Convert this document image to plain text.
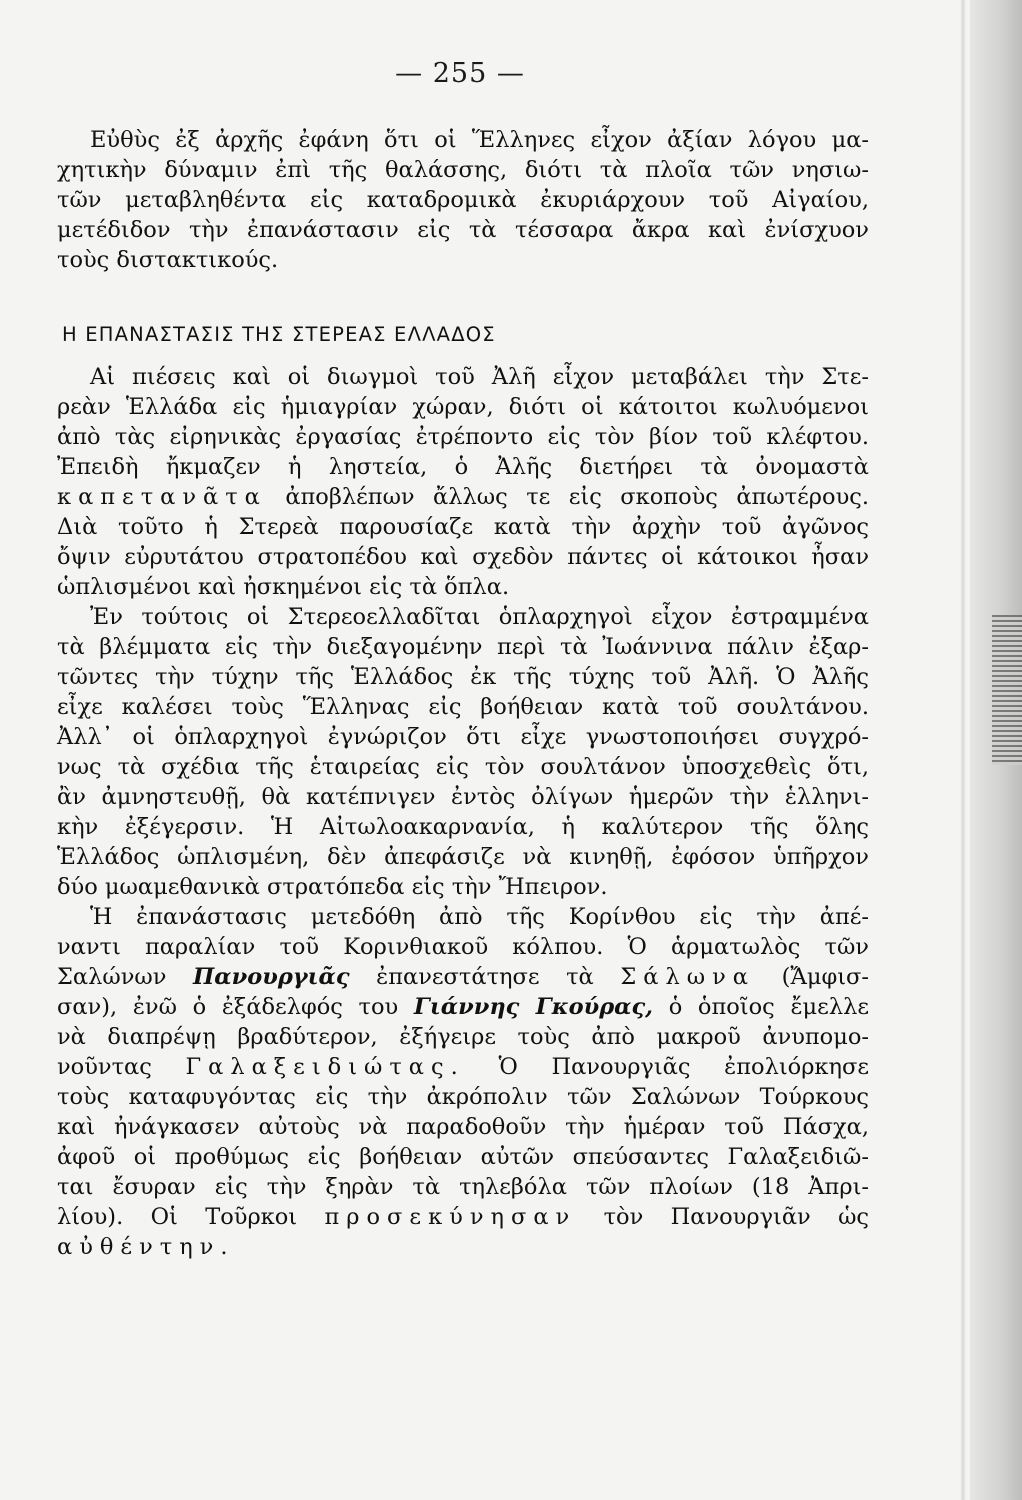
— 255 —
Εὐθὺς ἐξ ἀρχῆς ἐφάνη ὅτι οἱ Ἕλληνες εἶχον ἀξίαν λόγου μα-
χητικὴν δύναμιν ἐπὶ τῆς θαλάσσης, διότι τὰ πλοῖα τῶν νησιω-
τῶν μεταβληθέντα εἰς καταδρομικὰ ἐκυριάρχουν τοῦ Αἰγαίου,
μετέδιδον τὴν ἐπανάστασιν εἰς τὰ τέσσαρα ἄκρα καὶ ἐνίσχυον
τοὺς διστακτικούς.
Η ΕΠΑΝΑΣΤΑΣΙΣ ΤΗΣ ΣΤΕΡΕΑΣ ΕΛΛΑΔΟΣ
Αἱ πιέσεις καὶ οἱ διωγμοὶ τοῦ Ἀλῆ εἶχον μεταβάλει τὴν Στε-
ρεὰν Ἑλλάδα εἰς ἡμιαγρίαν χώραν, διότι οἱ κάτοιτοι κωλυόμενοι
ἀπὸ τὰς εἰρηνικὰς ἐργασίας ἐτρέποντο εἰς τὸν βίον τοῦ κλέφτου.
Ἐπειδὴ ἤκμαζεν ἡ ληστεία, ὁ Ἀλῆς διετήρει τὰ ὀνομαστὰ
καπετανᾶτα ἀποβλέπων ἄλλως τε εἰς σκοποὺς ἀπωτέρους.
Διὰ τοῦτο ἡ Στερεὰ παρουσίαζε κατὰ τὴν ἀρχὴν τοῦ ἀγῶνος
ὄψιν εὐρυτάτου στρατοπέδου καὶ σχεδὸν πάντες οἱ κάτοικοι ἦσαν
ὡπλισμένοι καὶ ἠσκημένοι εἰς τὰ ὅπλα.
Ἐν τούτοις οἱ Στερεοελλαδῖται ὁπλαρχηγοὶ εἶχον ἐστραμμένα
τὰ βλέμματα εἰς τὴν διεξαγομένην περὶ τὰ Ἰωάννινα πάλιν ἐξαρ-
τῶντες τὴν τύχην τῆς Ἑλλάδος ἐκ τῆς τύχης τοῦ Ἀλῆ. Ὁ Ἀλῆς
εἶχε καλέσει τοὺς Ἕλληνας εἰς βοήθειαν κατὰ τοῦ σουλτάνου.
Ἀλλ᾽ οἱ ὁπλαρχηγοὶ ἐγνώριζον ὅτι εἶχε γνωστοποιήσει συγχρό-
νως τὰ σχέδια τῆς ἑταιρείας εἰς τὸν σουλτάνον ὑποσχεθεὶς ὅτι,
ἂν ἀμνηστευθῇ, θὰ κατέπνιγεν ἐντὸς ὀλίγων ἡμερῶν τὴν ἑλληνι-
κὴν ἐξέγερσιν. Ἡ Αἰτωλοακαρνανία, ἡ καλύτερον τῆς ὅλης
Ἑλλάδος ὡπλισμένη, δὲν ἀπεφάσιζε νὰ κινηθῇ, ἐφόσον ὑπῆρχον
δύο μωαμεθανικὰ στρατόπεδα εἰς τὴν Ἤπειρον.
Ἡ ἐπανάστασις μετεδόθη ἀπὸ τῆς Κορίνθου εἰς τὴν ἀπέ-
ναντι παραλίαν τοῦ Κορινθιακοῦ κόλπου. Ὁ ἁρματωλὸς τῶν
Σαλώνων Πανουργιᾶς ἐπανεστάτησε τὰ Σάλωνα (Ἄμφισ-
σαν), ἐνῶ ὁ ἐξάδελφός του Γιάννης Γκούρας, ὁ ὁποῖος ἔμελλε
νὰ διαπρέψῃ βραδύτερον, ἐξήγειρε τοὺς ἀπὸ μακροῦ ἀνυπομο-
νοῦντας Γαλαξειδιώτας. Ὁ Πανουργιᾶς ἐπολιόρκησε
τοὺς καταφυγόντας εἰς τὴν ἀκρόπολιν τῶν Σαλώνων Τούρκους
καὶ ἠνάγκασεν αὐτοὺς νὰ παραδοθοῦν τὴν ἡμέραν τοῦ Πάσχα,
ἀφοῦ οἱ προθύμως εἰς βοήθειαν αὐτῶν σπεύσαντες Γαλαξειδιῶ-
ται ἔσυραν εἰς τὴν ξηρὰν τὰ τηλεβόλα τῶν πλοίων (18 Ἀπρι-
λίου). Οἱ Τοῦρκοι προσεκύνησαν τὸν Πανουργιᾶν ὡς
αὐθέντην.
